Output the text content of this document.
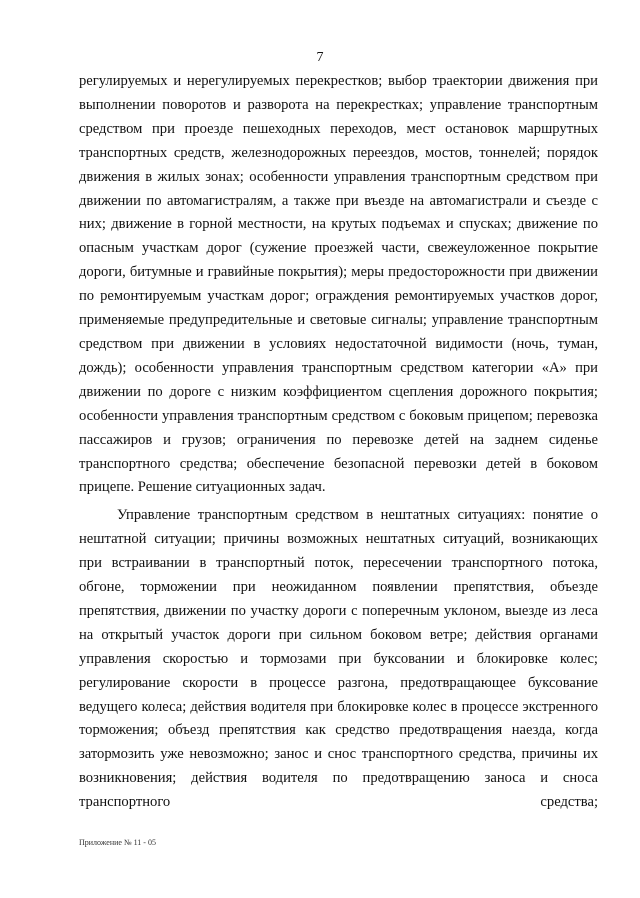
7

регулируемых и нерегулируемых перекрестков; выбор траектории движения при выполнении поворотов и разворота на перекрестках; управление транспортным средством при проезде пешеходных переходов, мест остановок маршрутных транспортных средств, железнодорожных переездов, мостов, тоннелей; порядок движения в жилых зонах; особенности управления транспортным средством при движении по автомагистралям, а также при въезде на автомагистрали и съезде с них; движение в горной местности, на крутых подъемах и спусках; движение по опасным участкам дорог (сужение проезжей части, свежеуложенное покрытие дороги, битумные и гравийные покрытия); меры предосторожности при движении по ремонтируемым участкам дорог; ограждения ремонтируемых участков дорог, применяемые предупредительные и световые сигналы; управление транспортным средством при движении в условиях недостаточной видимости (ночь, туман, дождь); особенности управления транспортным средством категории «А» при движении по дороге с низким коэффициентом сцепления дорожного покрытия; особенности управления транспортным средством с боковым прицепом; перевозка пассажиров и грузов; ограничения по перевозке детей на заднем сиденье транспортного средства; обеспечение безопасной перевозки детей в боковом прицепе. Решение ситуационных задач.

Управление транспортным средством в нештатных ситуациях: понятие о нештатной ситуации; причины возможных нештатных ситуаций, возникающих при встраивании в транспортный поток, пересечении транспортного потока, обгоне, торможении при неожиданном появлении препятствия, объезде препятствия, движении по участку дороги с поперечным уклоном, выезде из леса на открытый участок дороги при сильном боковом ветре; действия органами управления скоростью и тормозами при буксовании и блокировке колес; регулирование скорости в процессе разгона, предотвращающее буксование ведущего колеса; действия водителя при блокировке колес в процессе экстренного торможения; объезд препятствия как средство предотвращения наезда, когда затормозить уже невозможно; занос и снос транспортного средства, причины их возникновения; действия водителя по предотвращению заноса и сноса транспортного средства;

Приложение № 11 - 05
